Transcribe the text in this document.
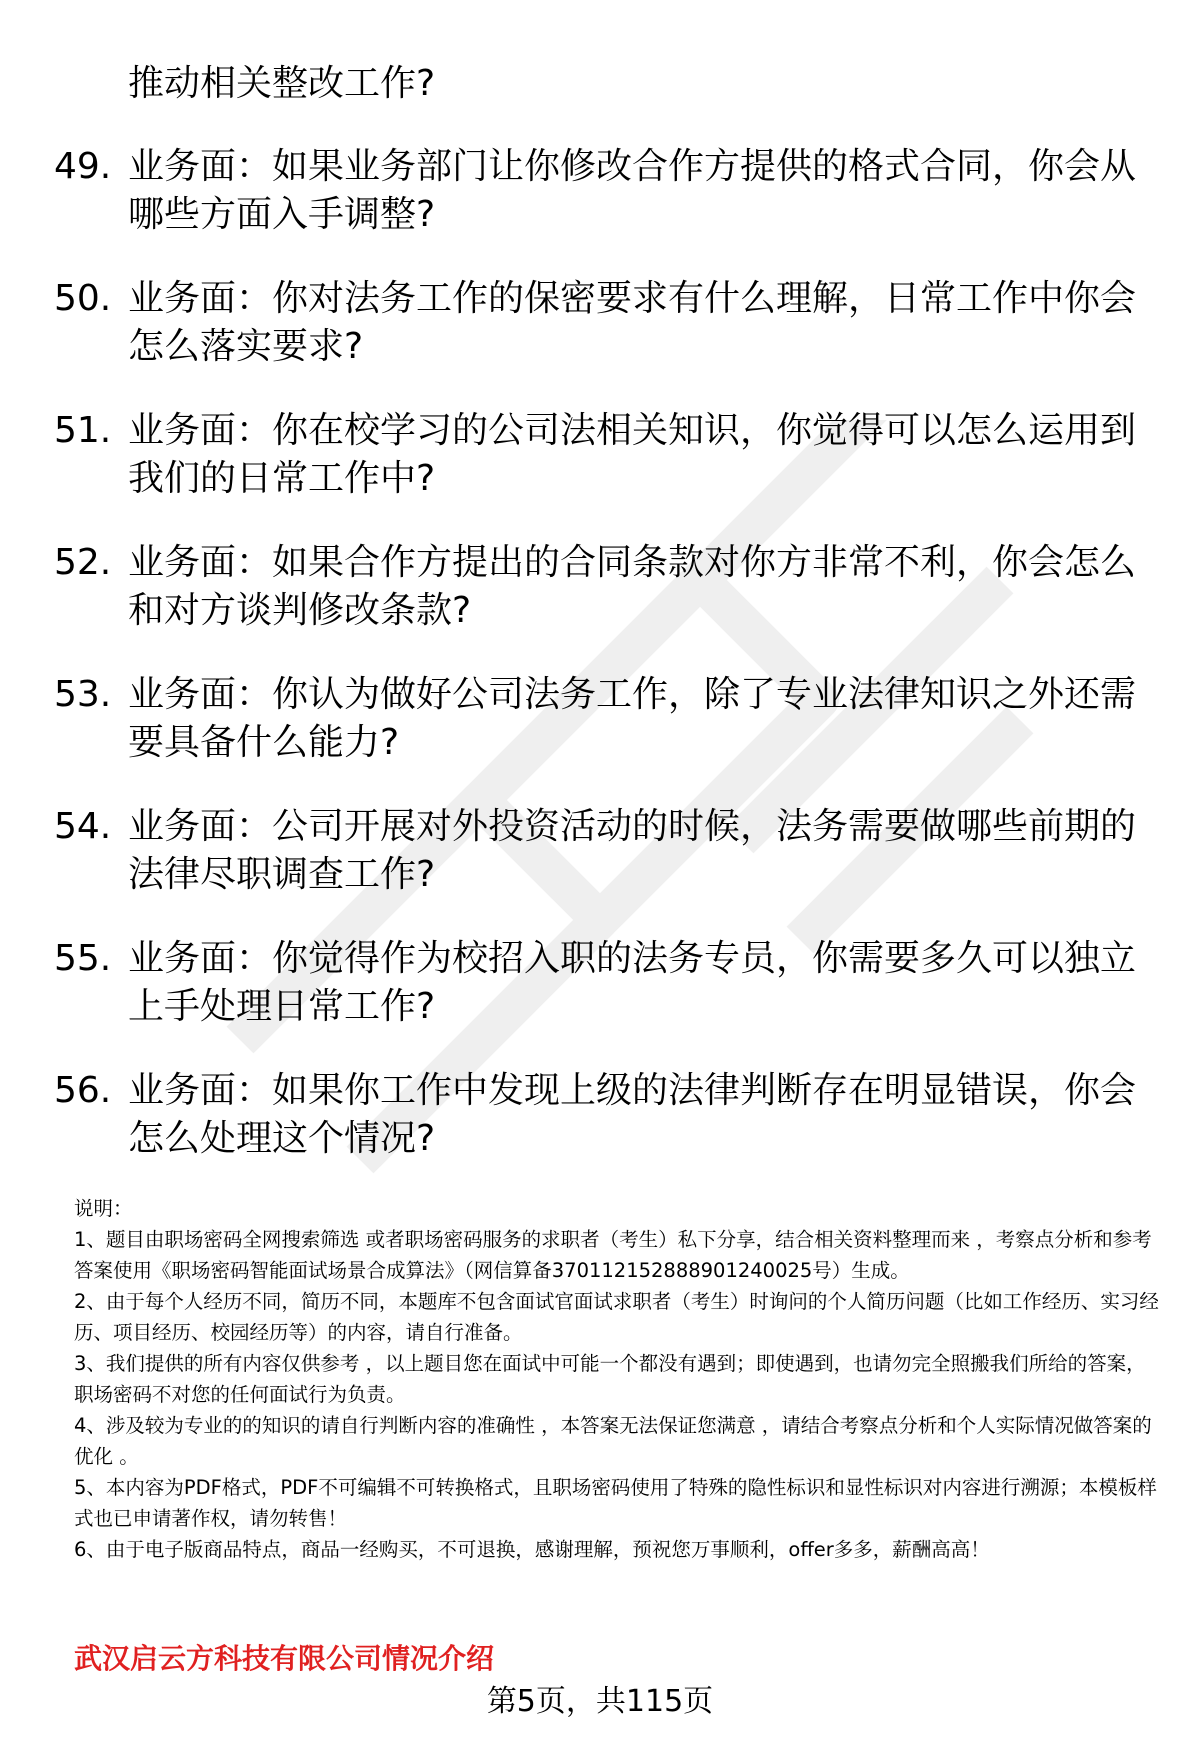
推动相关整改工作?
49. 业务面：如果业务部门让你修改合作方提供的格式合同，你会从哪些方面入手调整?
50. 业务面：你对法务工作的保密要求有什么理解，日常工作中你会怎么落实要求?
51. 业务面：你在校学习的公司法相关知识，你觉得可以怎么运用到我们的日常工作中?
52. 业务面：如果合作方提出的合同条款对你方非常不利，你会怎么和对方谈判修改条款?
53. 业务面：你认为做好公司法务工作，除了专业法律知识之外还需要具备什么能力?
54. 业务面：公司开展对外投资活动的时候，法务需要做哪些前期的法律尽职调查工作?
55. 业务面：你觉得作为校招入职的法务专员，你需要多久可以独立上手处理日常工作?
56. 业务面：如果你工作中发现上级的法律判断存在明显错误，你会怎么处理这个情况?

说明：

1、题目由职场密码全网搜索筛选 或者职场密码服务的求职者（考生）私下分享，结合相关资料整理而来 ，考察点分析和参考答案使用《职场密码智能面试场景合成算法》（网信算备370112152888901240025号）生成。

2、由于每个人经历不同，简历不同，本题库不包含面试官面试求职者（考生）时询问的个人简历问题（比如工作经历、实习经历、项目经历、校园经历等）的内容，请自行准备。

3、我们提供的所有内容仅供参考 ，以上题目您在面试中可能一个都没有遇到；即使遇到，也请勿完全照搬我们所给的答案，职场密码不对您的任何面试行为负责。

4、涉及较为专业的的知识的请自行判断内容的准确性 ，本答案无法保证您满意 ，请结合考察点分析和个人实际情况做答案的优化 。

5、本内容为PDF格式，PDF不可编辑不可转换格式，且职场密码使用了特殊的隐性标识和显性标识对内容进行溯源；本模板样式也已申请著作权，请勿转售！

6、由于电子版商品特点，商品一经购买，不可退换，感谢理解，预祝您万事顺利，offer多多，薪酬高高！

武汉启云方科技有限公司情况介绍
第5页，共115页
